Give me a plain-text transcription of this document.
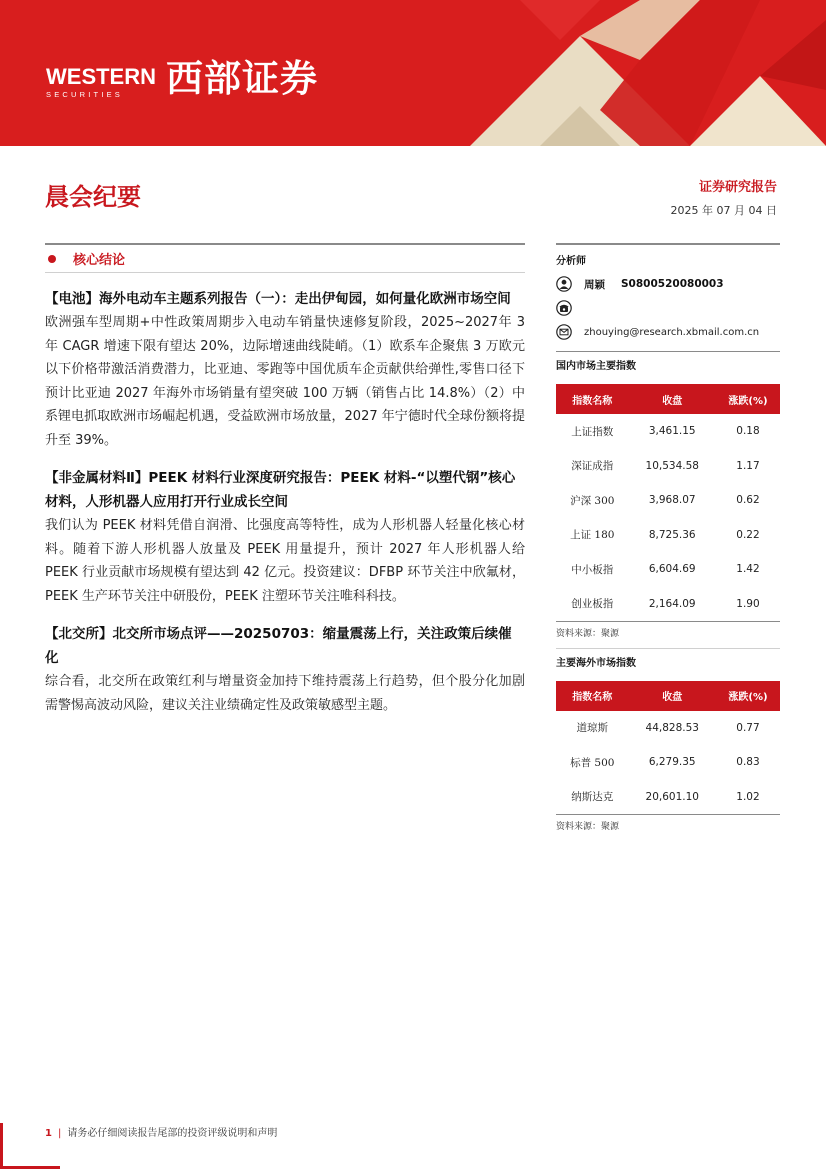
WESTERN
SECURITIES	西部证券
晨会纪要	证券研究报告
2025 年 07 月 04 日
核心结论
【电池】海外电动车主题系列报告（一）：走出伊甸园，如何量化欧洲市场空间
欧洲强车型周期+中性政策周期步入电动车销量快速修复阶段，2025~2027年 3 年 CAGR 增速下限有望达 20%，边际增速曲线陡峭。（1）欧系车企聚焦 3 万欧元以下价格带激活消费潜力，比亚迪、零跑等中国优质车企贡献供给弹性,零售口径下预计比亚迪 2027 年海外市场销量有望突破 100 万辆（销售占比 14.8%）（2）中系锂电抓取欧洲市场崛起机遇，受益欧洲市场放量，2027 年宁德时代全球份额将提升至 39%。
【非金属材料Ⅱ】PEEK 材料行业深度研究报告：PEEK 材料-“以塑代钢”核心材料，人形机器人应用打开行业成长空间
我们认为 PEEK 材料凭借自润滑、比强度高等特性，成为人形机器人轻量化核心材料。随着下游人形机器人放量及 PEEK 用量提升，预计 2027 年人形机器人给 PEEK 行业贡献市场规模有望达到 42 亿元。投资建议：DFBP 环节关注中欣氟材，PEEK 生产环节关注中研股份，PEEK 注塑环节关注唯科科技。
【北交所】北交所市场点评——20250703：缩量震荡上行，关注政策后续催化
综合看，北交所在政策红利与增量资金加持下维持震荡上行趋势，但个股分化加剧需警惕高波动风险，建议关注业绩确定性及政策敏感型主题。
分析师
周颖 S0800520080003
zhouying@research.xbmail.com.cn
国内市场主要指数
指数名称	收盘	涨跌(%)
上证指数	3,461.15	0.18
深证成指	10,534.58	1.17
沪深 300	3,968.07	0.62
上证 180	8,725.36	0.22
中小板指	6,604.69	1.42
创业板指	2,164.09	1.90
资料来源：聚源
主要海外市场指数
指数名称	收盘	涨跌(%)
道琼斯	44,828.53	0.77
标普 500	6,279.35	0.83
纳斯达克	20,601.10	1.02
资料来源：聚源
1 | 请务必仔细阅读报告尾部的投资评级说明和声明
